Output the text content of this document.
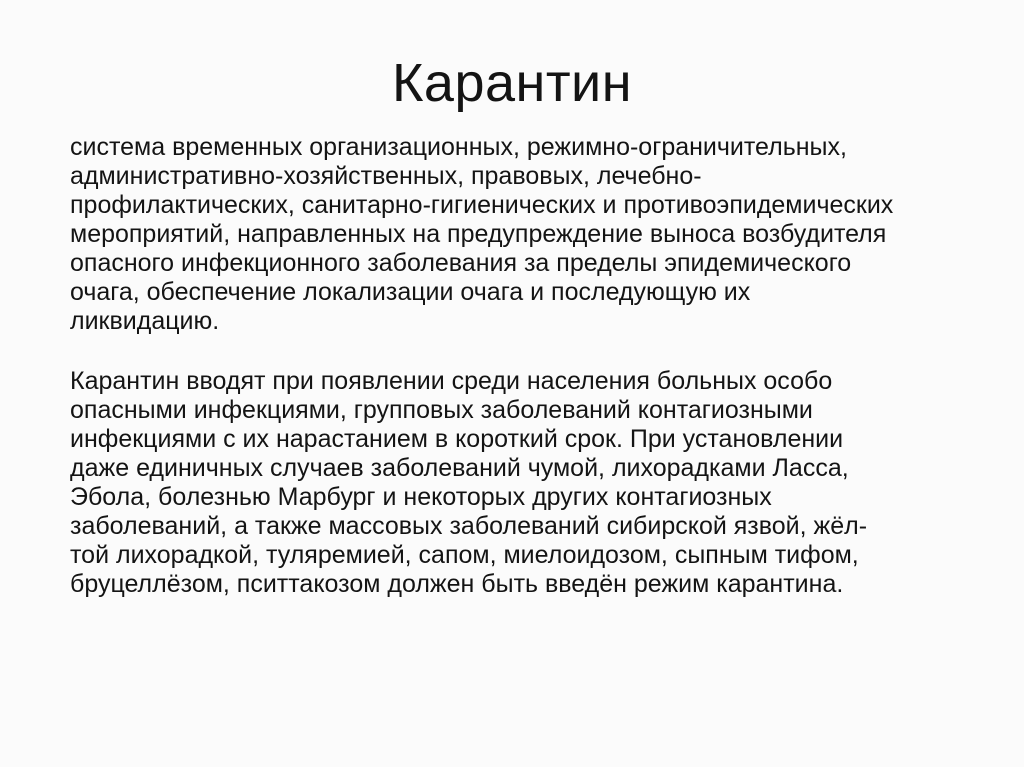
Карантин

система временных организационных, режимно-ограничительных,
административно-хозяйственных, правовых, лечебно-
профилактических, санитарно-гигиенических и противоэпидемических
мероприятий, направленных на предупреждение выноса возбудителя
опасного инфекционного заболевания за пределы эпидемического
очага, обеспечение локализации очага и последующую их
ликвидацию.

Карантин вводят при появлении среди населения больных особо
опасными инфекциями, групповых заболеваний контагиозными
инфекциями с их нарастанием в короткий срок. При установлении
даже единичных случаев заболеваний чумой, лихорадками Ласса,
Эбола, болезнью Марбург и некоторых других контагиозных
заболеваний, а также массовых заболеваний сибирской язвой, жёл-
той лихорадкой, туляремией, сапом, миелоидозом, сыпным тифом,
бруцеллёзом, пситтакозом должен быть введён режим карантина.
